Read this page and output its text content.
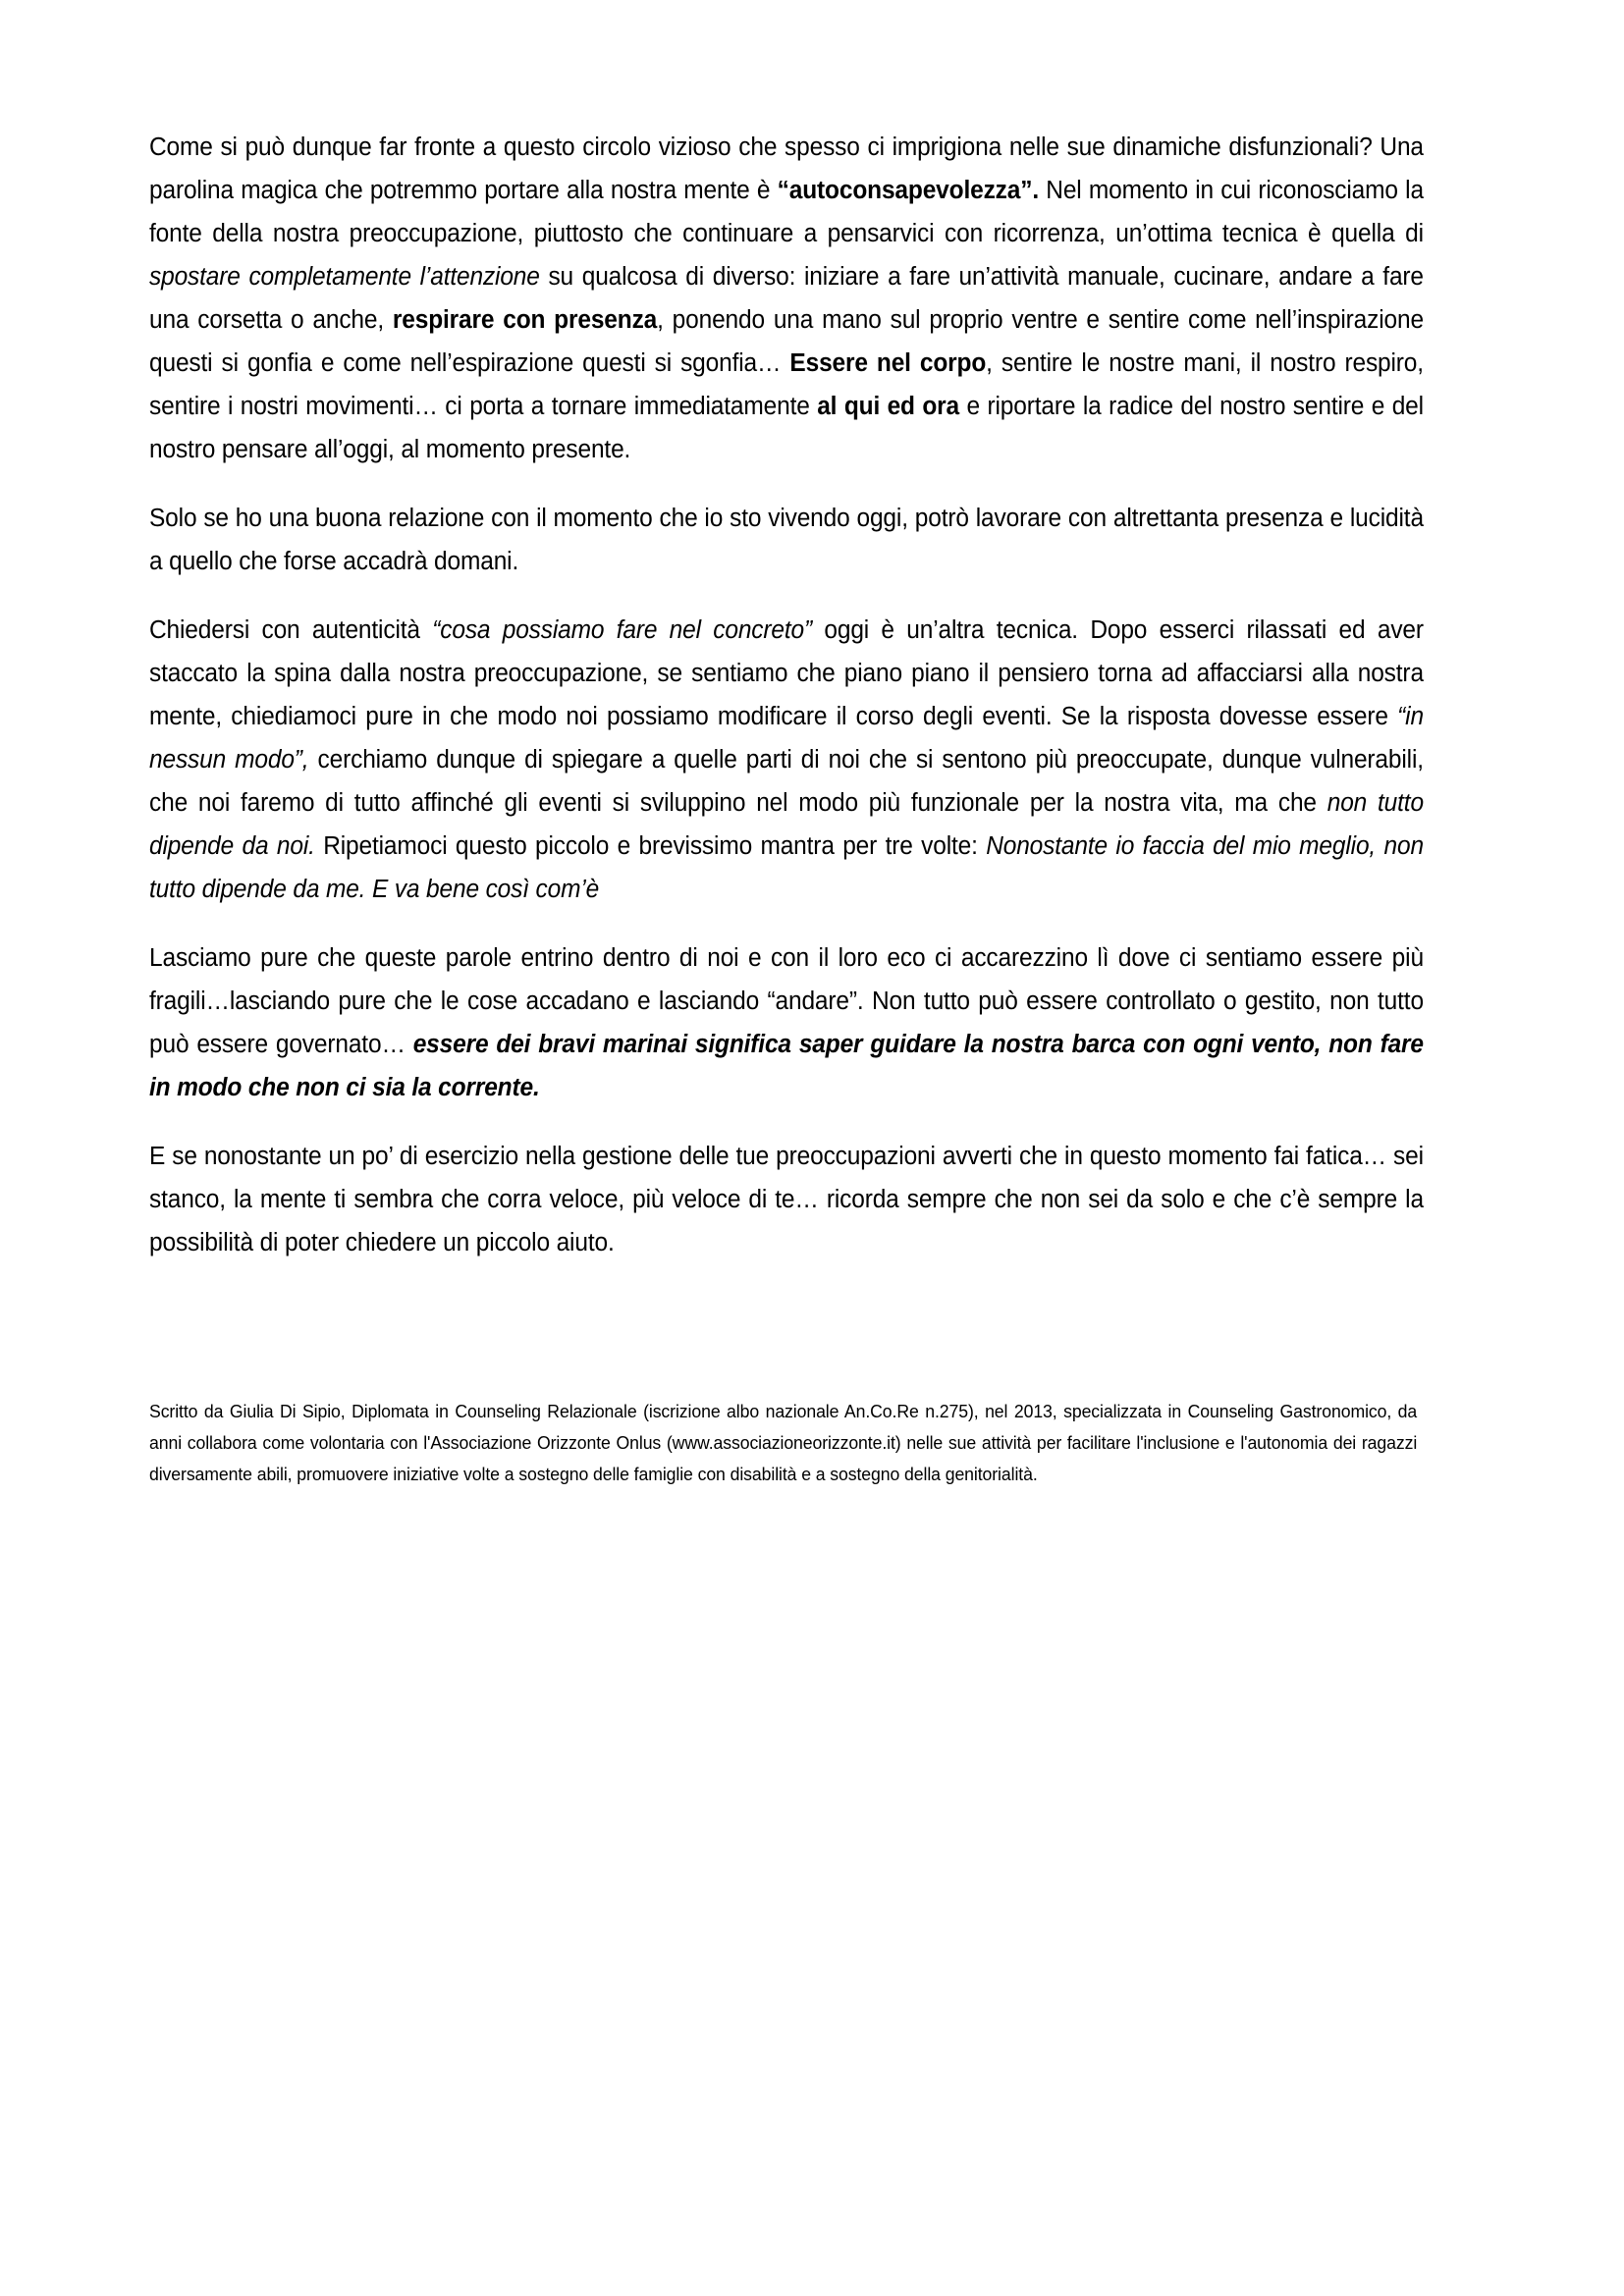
Come si può dunque far fronte a questo circolo vizioso che spesso ci imprigiona nelle sue dinamiche disfunzionali? Una parolina magica che potremmo portare alla nostra mente è “autoconsapevolezza”. Nel momento in cui riconosciamo la fonte della nostra preoccupazione, piuttosto che continuare a pensarvici con ricorrenza, un’ottima tecnica è quella di spostare completamente l’attenzione su qualcosa di diverso: iniziare a fare un’attività manuale, cucinare, andare a fare una corsetta o anche, respirare con presenza, ponendo una mano sul proprio ventre e sentire come nell’inspirazione questi si gonfia e come nell’espirazione questi si sgonfia… Essere nel corpo, sentire le nostre mani, il nostro respiro, sentire i nostri movimenti… ci porta a tornare immediatamente al qui ed ora e riportare la radice del nostro sentire e del nostro pensare all’oggi, al momento presente.

Solo se ho una buona relazione con il momento che io sto vivendo oggi, potrò lavorare con altrettanta presenza e lucidità a quello che forse accadrà domani.

Chiedersi con autenticità “cosa possiamo fare nel concreto” oggi è un’altra tecnica. Dopo esserci rilassati ed aver staccato la spina dalla nostra preoccupazione, se sentiamo che piano piano il pensiero torna ad affacciarsi alla nostra mente, chiediamoci pure in che modo noi possiamo modificare il corso degli eventi. Se la risposta dovesse essere “in nessun modo”, cerchiamo dunque di spiegare a quelle parti di noi che si sentono più preoccupate, dunque vulnerabili, che noi faremo di tutto affinché gli eventi si sviluppino nel modo più funzionale per la nostra vita, ma che non tutto dipende da noi. Ripetiamoci questo piccolo e brevissimo mantra per tre volte: Nonostante io faccia del mio meglio, non tutto dipende da me. E va bene così com’è

Lasciamo pure che queste parole entrino dentro di noi e con il loro eco ci accarezzino lì dove ci sentiamo essere più fragili…lasciando pure che le cose accadano e lasciando “andare”. Non tutto può essere controllato o gestito, non tutto può essere governato… essere dei bravi marinai significa saper guidare la nostra barca con ogni vento, non fare in modo che non ci sia la corrente.

E se nonostante un po’ di esercizio nella gestione delle tue preoccupazioni avverti che in questo momento fai fatica… sei stanco, la mente ti sembra che corra veloce, più veloce di te… ricorda sempre che non sei da solo e che c’è sempre la possibilità di poter chiedere un piccolo aiuto.

Scritto da Giulia Di Sipio, Diplomata in Counseling Relazionale (iscrizione albo nazionale An.Co.Re n.275), nel 2013, specializzata in Counseling Gastronomico, da anni collabora come volontaria con l'Associazione Orizzonte Onlus (www.associazioneorizzonte.it) nelle sue attività per facilitare l'inclusione e l'autonomia dei ragazzi diversamente abili, promuovere iniziative volte a sostegno delle famiglie con disabilità e a sostegno della genitorialità.
